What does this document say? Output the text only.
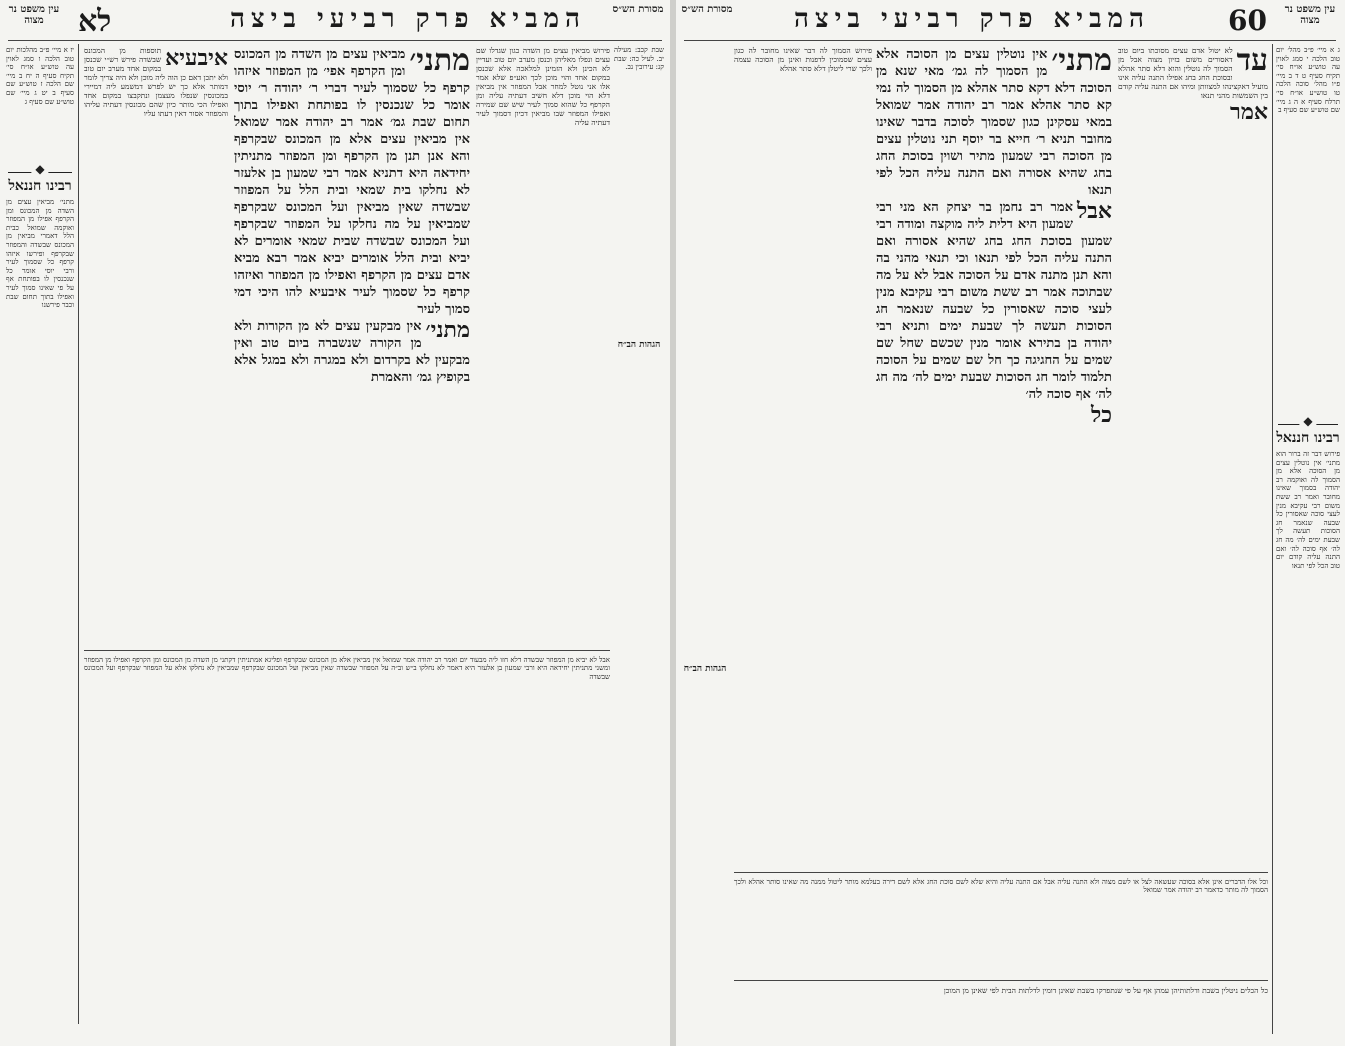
עין משפט נר מצוה	לא	המביא פרק רביעי ביצה	מסורת הש״ס
יז א מיי׳ פ״ב מהלכות יום טוב הלכה ו סמג לאוין עה טוש״ע או״ח סי׳ תקיח סעיף ה יח ב מיי׳ שם הלכה ז טוש״ע שם סעיף ב יט ג מיי׳ שם טוש״ע שם סעיף ג
◆
רבינו חננאל
מתני׳ מביאין עצים מן השדה מן המכונס ומן הקרפף אפילו מן המפוזר ואוקמה שמואל כבית הלל דאמרי מביאין מן המכונס שבשדה והמפוזר שבקרפף ופירשו איזהו קרפף כל שסמוך לעיר ורבי יוסי אומר כל שנכנסין לו בפותחת אף על פי שאינו סמוך לעיר ואפילו בתוך תחום שבת וכבר פירשנו
איבעיא
תוספות מן המכונס שבשדה פירש רש״י שכנסן במקום אחד מערב יום טוב ולא יתכן דאם כן הוה ליה מוכן ולא היה צריך לומר דמותר אלא כך יש לפרש דמשמע ליה דמיירי במכונסין שנפלו מעצמן ונתקבצו במקום אחד ואפילו הכי מותר כיון שהם מכונסין דעתיה עליהו והמפוזר אסור דאין דעתו עליו
מתני׳
מביאין עצים מן השדה מן המכונס ומן הקרפף אפי׳ מן המפוזר איזהו קרפף כל שסמוך לעיר דברי ר׳ יהודה ר׳ יוסי אומר כל שנכנסין לו בפותחת ואפילו בתוך תחום שבת גמ׳ אמר רב יהודה אמר שמואל אין מביאין עצים אלא מן המכונס שבקרפף והא אנן תנן מן הקרפף ומן המפוזר מתניתין יחידאה היא דתניא אמר רבי שמעון בן אלעזר לא נחלקו בית שמאי ובית הלל על המפוזר שבשדה שאין מביאין ועל המכונס שבקרפף שמביאין על מה נחלקו על המפוזר שבקרפף ועל המכונס שבשדה שבית שמאי אומרים לא יביא ובית הלל אומרים יביא אמר רבא מביא אדם עצים מן הקרפף ואפילו מן המפוזר ואיזהו קרפף כל שסמוך לעיר איבעיא להו היכי דמי סמוך לעיר

מתני׳
אין מבקעין עצים לא מן הקורות ולא מן הקורה שנשברה ביום טוב ואין מבקעין לא בקרדום ולא במגרה ולא במגל אלא בקופיץ גמ׳ והאמרת
פירוש מביאין עצים מן השדה כגון שגדלו שם עצים ונפלו מאליהן וכנסן מערב יום טוב ועדיין לא הכינן ולא הזמינן למלאכה אלא שכנסן במקום אחד והוי מוכן לכך ואע״פ שלא אמר אלו אני נוטל למחר אבל המפוזר אין מביאין דלא הוי מוכן דלא חשיב דעתיה עליה ומן הקרפף כל שהוא סמוך לעיר שיש שם שמירה ואפילו המפוזר שבו מביאין דכיון דסמוך לעיר דעתיה עליה
שבת קכב: מעילה יב. לעיל כה: שבת קנ: עירובין נב.
הגהות הב״ח
אבל לא יביא מן המפוזר שבשדה דלא חזו ליה מבעוד יום ואמר רב יהודה אמר שמואל אין מביאין אלא מן המכונס שבקרפף ופליגא אמתניתין דקתני מן השדה מן המכונס ומן הקרפף ואפילו מן המפוזר ומשני מתניתין יחידאה היא ורבי שמעון בן אלעזר היא דאמר לא נחלקו ב״ש וב״ה על המפוזר שבשדה שאין מביאין ועל המכונס שבקרפף שמביאין לא נחלקו אלא על המפוזר שבקרפף ועל המכונס שבשדה
מסורת הש״ס המביא פרק רביעי ביצה	60	עין משפט נר מצוה
הגהות הב״ח
פירוש הסמוך לה דבר שאינו מחובר לה כגון עצים שסמוכין לדפנות ואינן מן הסוכה עצמה ולכך שרי ליטלן דלא סתר אהלא	מתני׳
אין נוטלין עצים מן הסוכה אלא מן הסמוך לה גמ׳ מאי שנא מן הסוכה דלא דקא סתר אהלא מן הסמוך לה נמי קא סתר אהלא אמר רב יהודה אמר שמואל במאי עסקינן כגון שסמוך לסוכה בדבר שאינו מחובר תניא ר׳ חייא בר יוסף תני נוטלין עצים מן הסוכה רבי שמעון מתיר ושוין בסוכת החג בחג שהיא אסורה ואם התנה עליה הכל לפי תנאו

אבל
אמר רב נחמן בר יצחק הא מני רבי שמעון היא דלית ליה מוקצה ומודה רבי שמעון בסוכת החג בחג שהיא אסורה ואם התנה עליה הכל לפי תנאו וכי תנאי מהני בה והא תנן מתנה אדם על הסוכה אבל לא על מה שבתוכה אמר רב ששת משום רבי עקיבא מנין לעצי סוכה שאסורין כל שבעה שנאמר חג הסוכות תעשה לך שבעת ימים ותניא רבי יהודה בן בתירא אומר מנין שכשם שחל שם שמים על החגיגה כך חל שם שמים על הסוכה תלמוד לומר חג הסוכות שבעת ימים לה׳ מה חג לה׳ אף סוכה לה׳

כל
עד
לא יטול אדם עצים מסוכתו ביום טוב דאסורים משום בזיון מצוה אבל מן הסמוך לה נוטלין והוא דלא סתר אהלא ובסוכת החג בחג אפילו התנה עליה אינו מועיל דאקצינהו למצוותן ומיהו אם התנה עליה קודם בין השמשות מהני תנאו

אמר
ג א מיי׳ פ״ב מהל׳ יום טוב הלכה י סמג לאוין עה טוש״ע או״ח סי׳ תקיח סעיף ט ד ב מיי׳ פ״ו מהל׳ סוכה הלכה טו טוש״ע או״ח סי׳ תרלח סעיף א ה ג מיי׳ שם טוש״ע שם סעיף ב
◆
רבינו חננאל
פירוש דבר זה ברור הוא מתני׳ אין נוטלין עצים מן הסוכה אלא מן הסמוך לה ואוקמה רב יהודה בסמוך שאינו מחובר ואמר רב ששת משום רבי עקיבא מנין לעצי סוכה שאסורין כל שבעה שנאמר חג הסוכות תעשה לך שבעת ימים לה׳ מה חג לה׳ אף סוכה לה׳ ואם התנה עליה קודם יום טוב הכל לפי תנאו
וכל אלו הדברים אינן אלא בסוכה שעשאה לצל או לשם מצוה ולא התנה עליה אבל אם התנה עליה והיא שלא לשם סוכת החג אלא לשם דירה בעלמא מותר ליטול ממנה מה שאינו סותר אהלא ולכך הסמוך לה מותר כדאמר רב יהודה אמר שמואל
כל הכלים ניטלין בשבת ודלתותיהן עמהן אף על פי שנתפרקו בשבת שאינן דומין לדלתות הבית לפי שאינן מן המוכן
